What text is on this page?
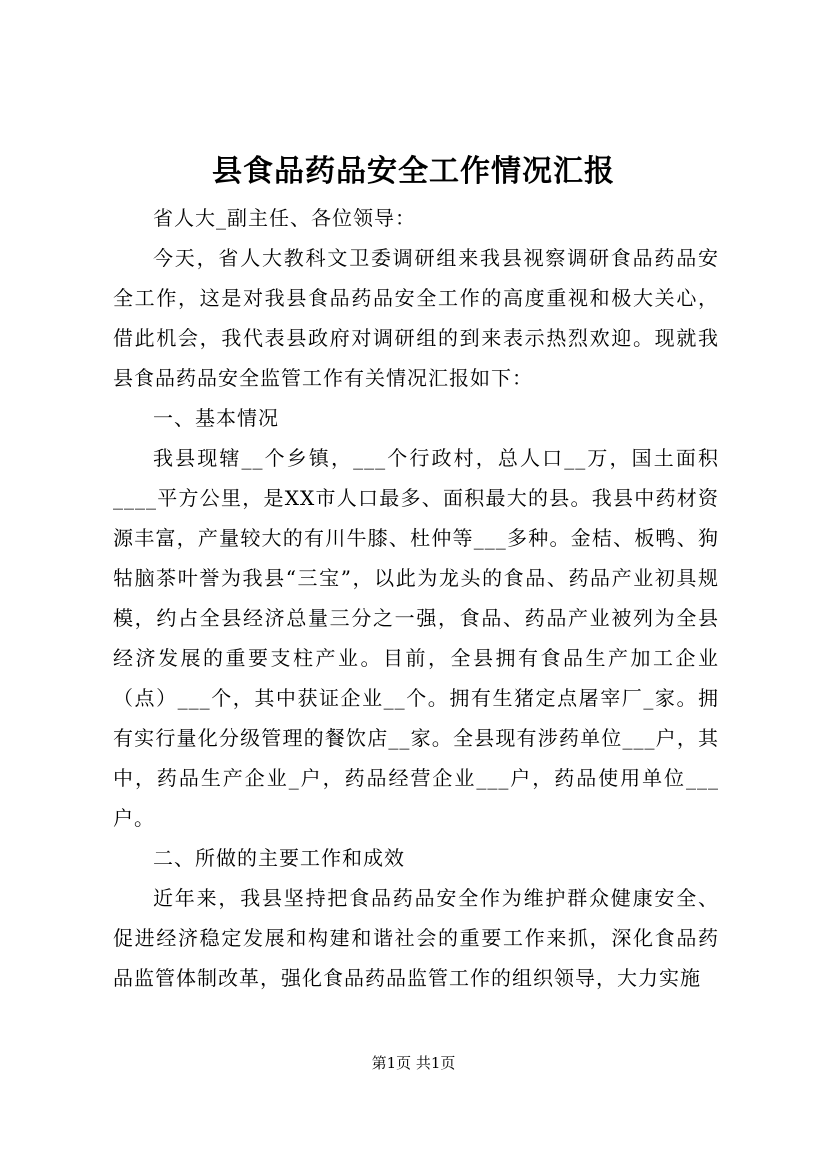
县食品药品安全工作情况汇报

省人大_副主任、各位领导：

今天，省人大教科文卫委调研组来我县视察调研食品药品安全工作，这是对我县食品药品安全工作的高度重视和极大关心，借此机会，我代表县政府对调研组的到来表示热烈欢迎。现就我县食品药品安全监管工作有关情况汇报如下：

一、基本情况

我县现辖__个乡镇，___个行政村，总人口__万，国土面积____平方公里，是XX市人口最多、面积最大的县。我县中药材资源丰富，产量较大的有川牛膝、杜仲等___多种。金桔、板鸭、狗牯脑茶叶誉为我县“三宝”，以此为龙头的食品、药品产业初具规模，约占全县经济总量三分之一强，食品、药品产业被列为全县经济发展的重要支柱产业。目前，全县拥有食品生产加工企业（点）___个，其中获证企业__个。拥有生猪定点屠宰厂_家。拥有实行量化分级管理的餐饮店__家。全县现有涉药单位___户，其中，药品生产企业_户，药品经营企业___户，药品使用单位___户。

二、所做的主要工作和成效

近年来，我县坚持把食品药品安全作为维护群众健康安全、促进经济稳定发展和构建和谐社会的重要工作来抓，深化食品药品监管体制改革，强化食品药品监管工作的组织领导，大力实施

第1页 共1页
